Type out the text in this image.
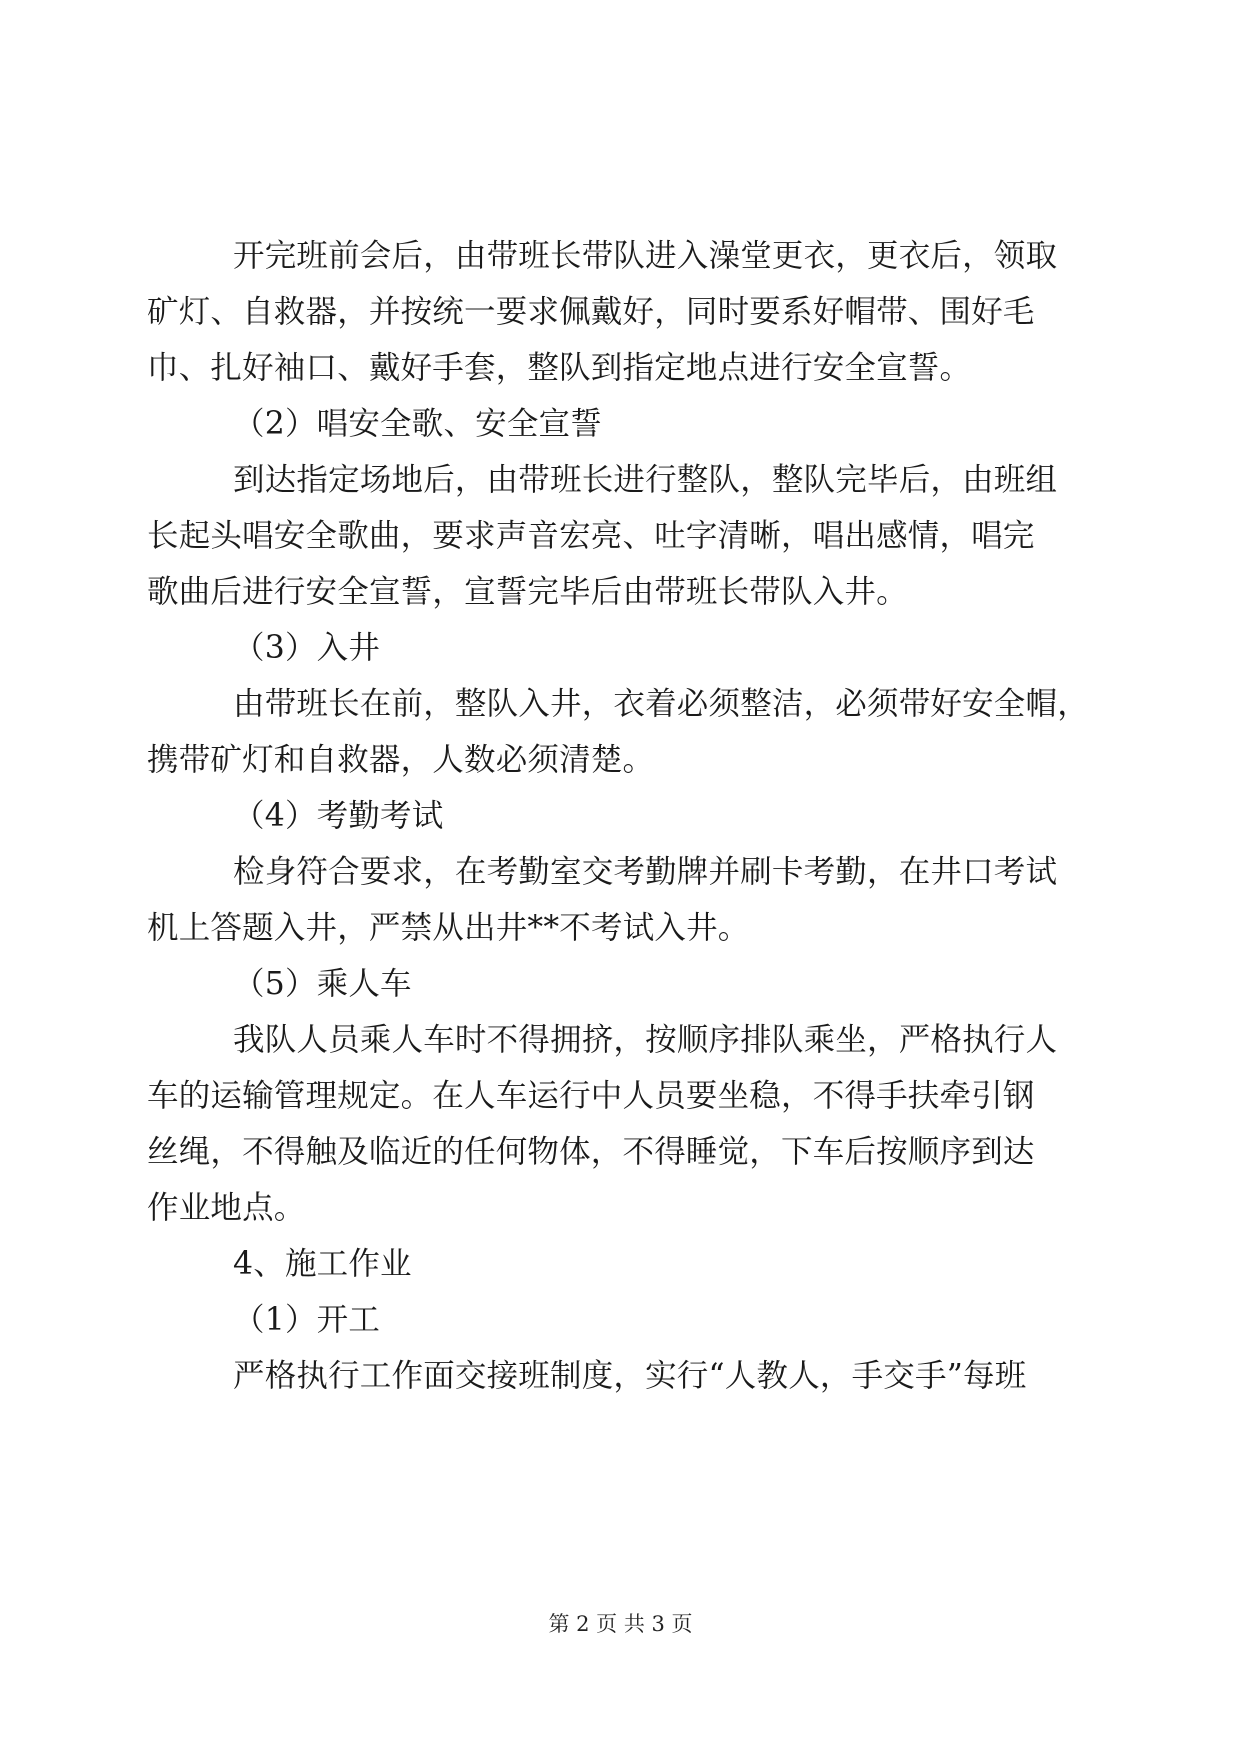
开完班前会后，由带班长带队进入澡堂更衣，更衣后，领取
矿灯、自救器，并按统一要求佩戴好，同时要系好帽带、围好毛
巾、扎好袖口、戴好手套，整队到指定地点进行安全宣誓。
（2）唱安全歌、安全宣誓
到达指定场地后，由带班长进行整队，整队完毕后，由班组
长起头唱安全歌曲，要求声音宏亮、吐字清晰，唱出感情，唱完
歌曲后进行安全宣誓，宣誓完毕后由带班长带队入井。
（3）入井
由带班长在前，整队入井，衣着必须整洁，必须带好安全帽，
携带矿灯和自救器，人数必须清楚。
（4）考勤考试
检身符合要求，在考勤室交考勤牌并刷卡考勤，在井口考试
机上答题入井，严禁从出井**不考试入井。
（5）乘人车
我队人员乘人车时不得拥挤，按顺序排队乘坐，严格执行人
车的运输管理规定。在人车运行中人员要坐稳，不得手扶牵引钢
丝绳，不得触及临近的任何物体，不得睡觉，下车后按顺序到达
作业地点。
4、施工作业
（1）开工
严格执行工作面交接班制度，实行“人教人，手交手”每班
第 2 页 共 3 页
